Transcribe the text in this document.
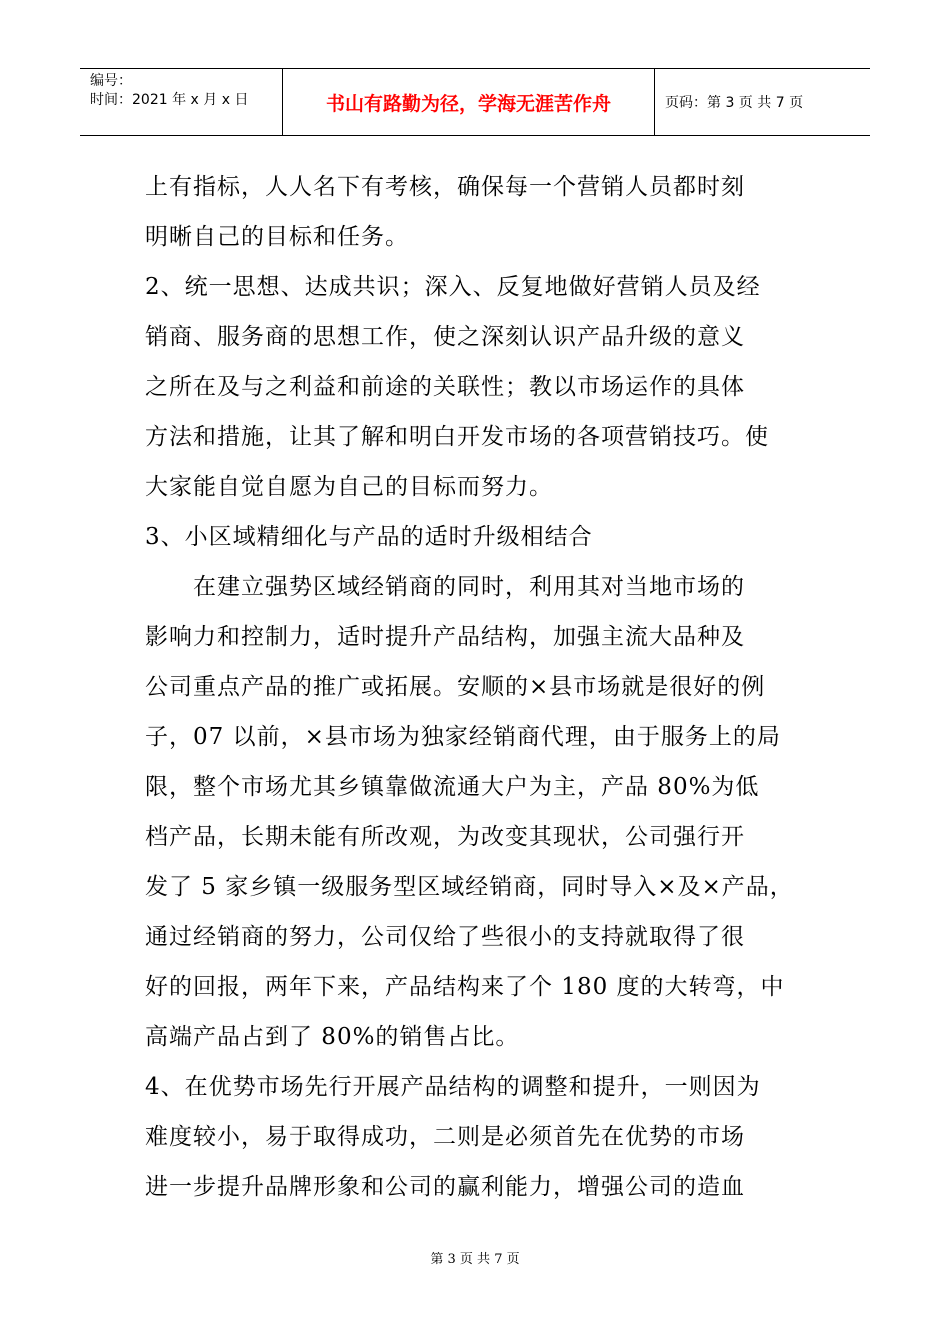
编号：
时间：2021 年 x 月 x 日	书山有路勤为径，学海无涯苦作舟	页码：第 3 页 共 7 页
上有指标，人人名下有考核，确保每一个营销人员都时刻
明晰自己的目标和任务。
2、统一思想、达成共识；深入、反复地做好营销人员及经
销商、服务商的思想工作，使之深刻认识产品升级的意义
之所在及与之利益和前途的关联性；教以市场运作的具体
方法和措施，让其了解和明白开发市场的各项营销技巧。使
大家能自觉自愿为自己的目标而努力。
3、小区域精细化与产品的适时升级相结合
　　在建立强势区域经销商的同时，利用其对当地市场的
影响力和控制力，适时提升产品结构，加强主流大品种及
公司重点产品的推广或拓展。安顺的×县市场就是很好的例
子，07 以前，×县市场为独家经销商代理，由于服务上的局
限，整个市场尤其乡镇靠做流通大户为主，产品 80%为低
档产品，长期未能有所改观，为改变其现状，公司强行开
发了 5 家乡镇一级服务型区域经销商，同时导入×及×产品，
通过经销商的努力，公司仅给了些很小的支持就取得了很
好的回报，两年下来，产品结构来了个 180 度的大转弯，中
高端产品占到了 80%的销售占比。
4、在优势市场先行开展产品结构的调整和提升，一则因为
难度较小，易于取得成功，二则是必须首先在优势的市场
进一步提升品牌形象和公司的赢利能力，增强公司的造血
第 3 页 共 7 页
